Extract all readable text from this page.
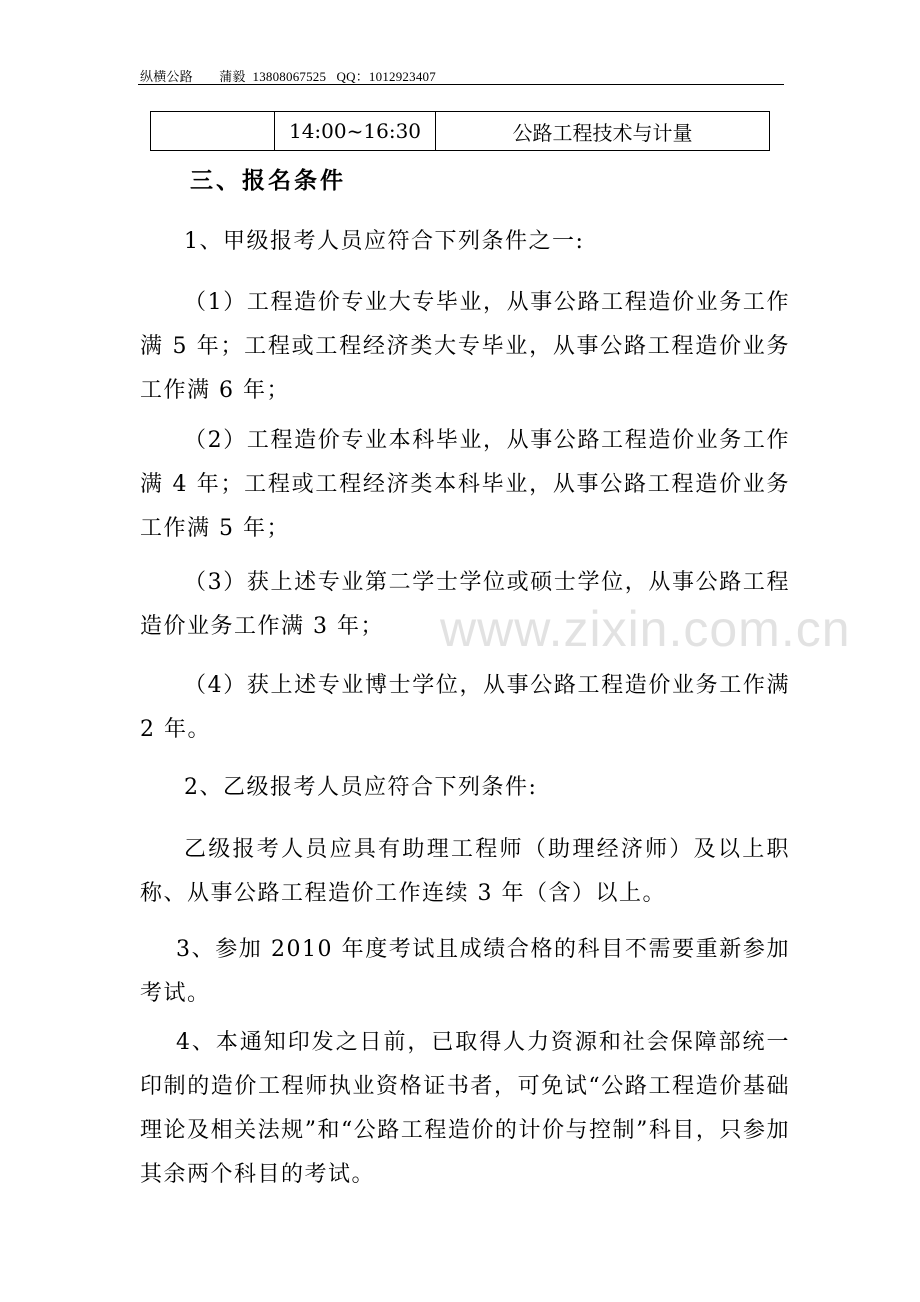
纵横公路　　蒲毅  13808067525   QQ：1012923407
	14:00~16:30	公路工程技术与计量
三、报名条件
1、甲级报考人员应符合下列条件之一:
（1）工程造价专业大专毕业，从事公路工程造价业务工作满 5 年；工程或工程经济类大专毕业，从事公路工程造价业务工作满 6 年；
（2）工程造价专业本科毕业，从事公路工程造价业务工作满 4 年；工程或工程经济类本科毕业，从事公路工程造价业务工作满 5 年；
（3）获上述专业第二学士学位或硕士学位，从事公路工程造价业务工作满 3 年；
（4）获上述专业博士学位，从事公路工程造价业务工作满 2 年。
2、乙级报考人员应符合下列条件:
乙级报考人员应具有助理工程师（助理经济师）及以上职称、从事公路工程造价工作连续 3 年（含）以上。
3、参加 2010 年度考试且成绩合格的科目不需要重新参加考试。
4、本通知印发之日前，已取得人力资源和社会保障部统一印制的造价工程师执业资格证书者，可免试“公路工程造价基础理论及相关法规”和“公路工程造价的计价与控制”科目，只参加其余两个科目的考试。
www.zixin.com.cn
